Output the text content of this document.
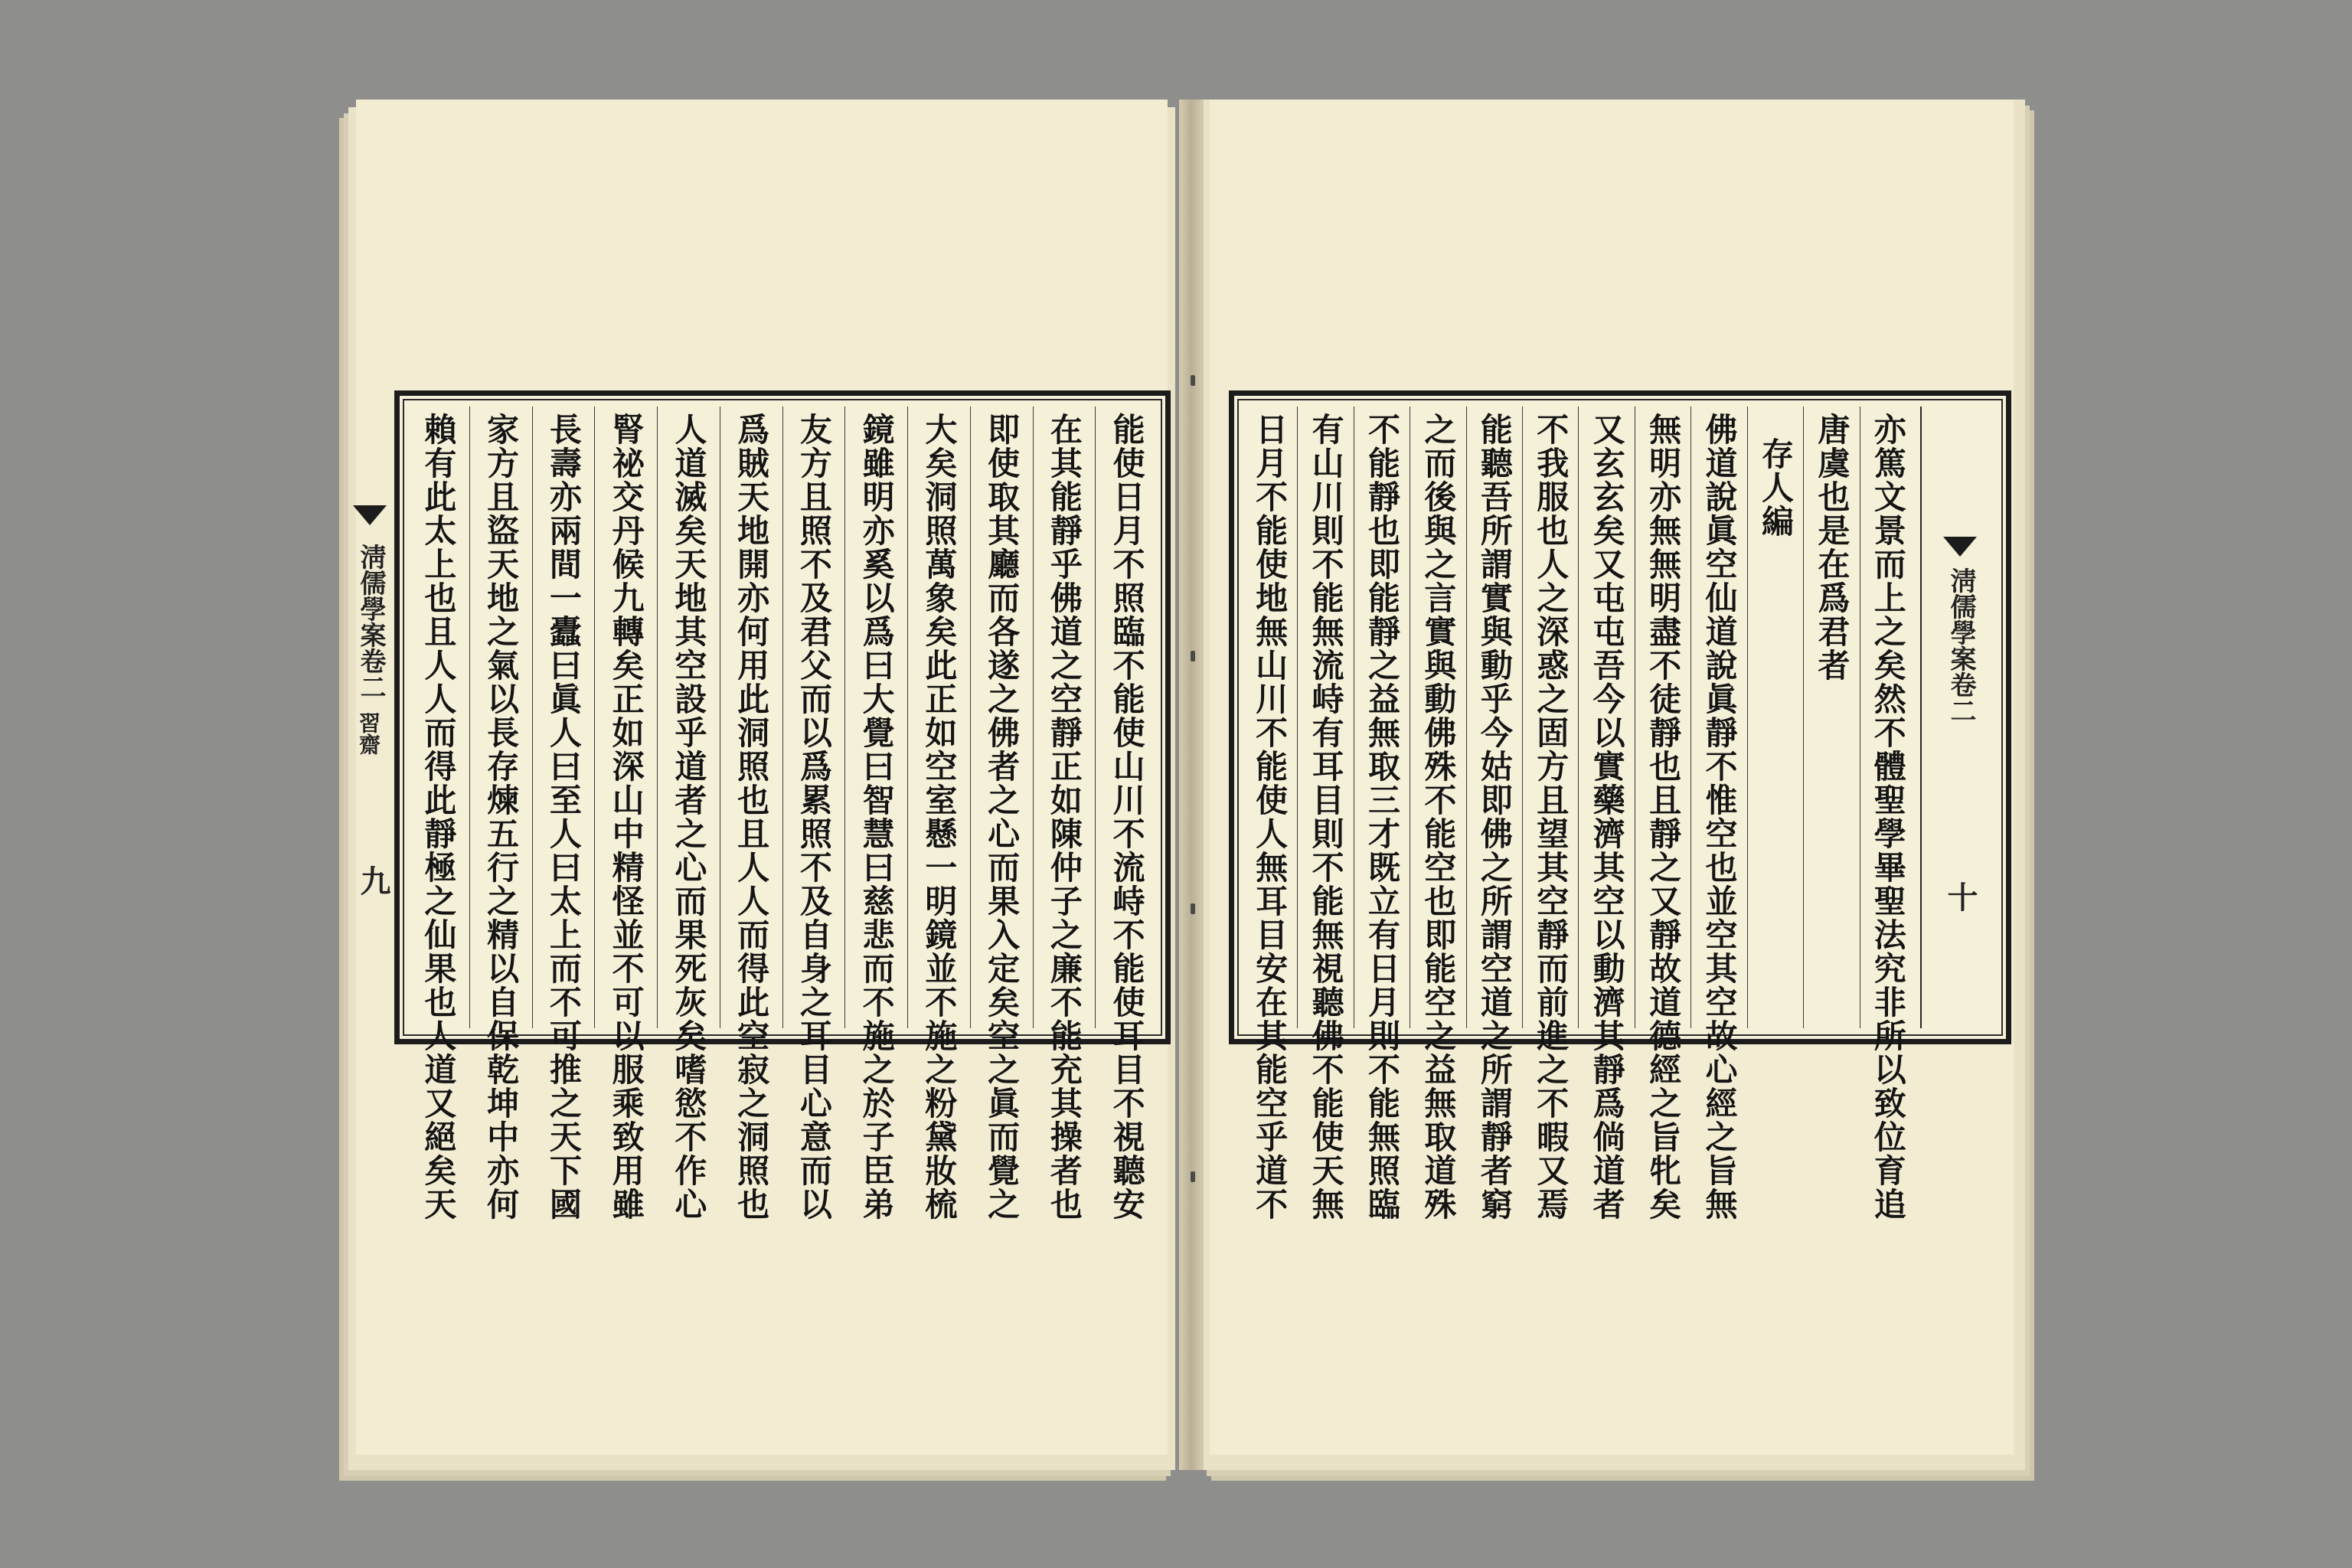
能使日月不照臨不能使山川不流峙不能使耳目不視聽安
在其能靜乎佛道之空靜正如陳仲子之廉不能充其操者也
即使取其廳而各遂之佛者之心而果入定矣空之眞而覺之
大矣洞照萬象矣此正如空室懸一明鏡並不施之粉黛妝梳
鏡雖明亦奚以爲曰大覺曰智慧曰慈悲而不施之於子臣弟
友方且照不及君父而以爲累照不及自身之耳目心意而以
爲賊天地開亦何用此洞照也且人人而得此空寂之洞照也
人道滅矣天地其空設乎道者之心而果死灰矣嗜慾不作心
腎祕交丹候九轉矣正如深山中精怪並不可以服乘致用雖
長壽亦兩間一蠹曰眞人曰至人曰太上而不可推之天下國
家方且盜天地之氣以長存煉五行之精以自保乾坤中亦何
賴有此太上也且人人而得此靜極之仙果也人道又絕矣天
淸儒學案卷二
習齋
九
淸儒學案卷二
十
亦篤文景而上之矣然不體聖學畢聖法究非所以致位育追
唐虞也是在爲君者
存人編
佛道說眞空仙道說眞靜不惟空也並空其空故心經之旨無
無明亦無無明盡不徒靜也且靜之又靜故道德經之旨牝矣
又玄玄矣又屯屯吾今以實藥濟其空以動濟其靜爲倘道者
不我服也人之深惑之固方且望其空靜而前進之不暇又焉
能聽吾所謂實與動乎今姑即佛之所謂空道之所謂靜者窮
之而後與之言實與動佛殊不能空也即能空之益無取道殊
不能靜也即能靜之益無取三才既立有日月則不能無照臨
有山川則不能無流峙有耳目則不能無視聽佛不能使天無
日月不能使地無山川不能使人無耳目安在其能空乎道不
